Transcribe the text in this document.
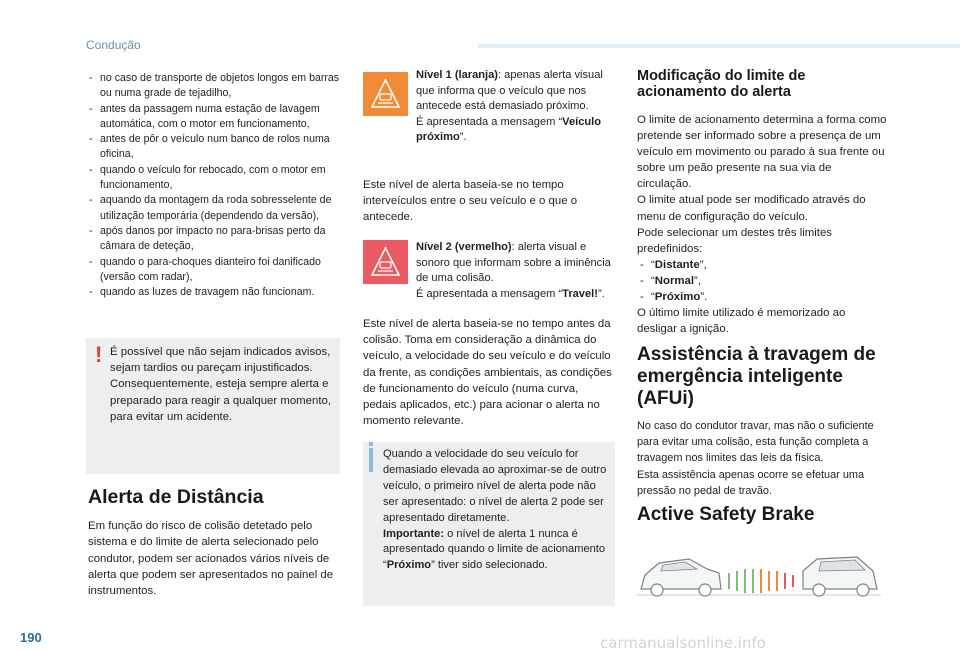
Condução
- no caso de transporte de objetos longos em barras ou numa grade de tejadilho,
- antes da passagem numa estação de lavagem automática, com o motor em funcionamento,
- antes de pôr o veículo num banco de rolos numa oficina,
- quando o veículo for rebocado, com o motor em funcionamento,
- aquando da montagem da roda sobresselente de utilização temporária (dependendo da versão),
- após danos por impacto no para-brisas perto da câmara de deteção,
- quando o para-choques dianteiro foi danificado (versão com radar),
- quando as luzes de travagem não funcionam.
! É possível que não sejam indicados avisos, sejam tardios ou pareçam injustificados.
Consequentemente, esteja sempre alerta e preparado para reagir a qualquer momento, para evitar um acidente.
Alerta de Distância
Em função do risco de colisão detetado pelo sistema e do limite de alerta selecionado pelo condutor, podem ser acionados vários níveis de alerta que podem ser apresentados no painel de instrumentos.
Nível 1 (laranja): apenas alerta visual que informa que o veículo que nos antecede está demasiado próximo.
É apresentada a mensagem “Veículo próximo”.
Este nível de alerta baseia-se no tempo interveículos entre o seu veículo e o que o antecede.
Nível 2 (vermelho): alerta visual e sonoro que informam sobre a iminência de uma colisão.
É apresentada a mensagem “Travel!”.
Este nível de alerta baseia-se no tempo antes da colisão. Toma em consideração a dinâmica do veículo, a velocidade do seu veículo e do veículo da frente, as condições ambientais, as condições de funcionamento do veículo (numa curva, pedais aplicados, etc.) para acionar o alerta no momento relevante.
Quando a velocidade do seu veículo for demasiado elevada ao aproximar-se de outro veículo, o primeiro nível de alerta pode não ser apresentado: o nível de alerta 2 pode ser apresentado diretamente.
Importante: o nível de alerta 1 nunca é apresentado quando o limite de acionamento “Próximo” tiver sido selecionado.
Modificação do limite de acionamento do alerta
O limite de acionamento determina a forma como pretende ser informado sobre a presença de um veículo em movimento ou parado à sua frente ou sobre um peão presente na sua via de circulação.
O limite atual pode ser modificado através do menu de configuração do veículo.
Pode selecionar um destes três limites predefinidos:
- “Distante”,
- “Normal”,
- “Próximo”.
O último limite utilizado é memorizado ao desligar a ignição.
Assistência à travagem de emergência inteligente (AFUi)
No caso do condutor travar, mas não o suficiente para evitar uma colisão, esta função completa a travagem nos limites das leis da física.
Esta assistência apenas ocorre se efetuar uma pressão no pedal de travão.
Active Safety Brake
190	carmanualsonline.info
